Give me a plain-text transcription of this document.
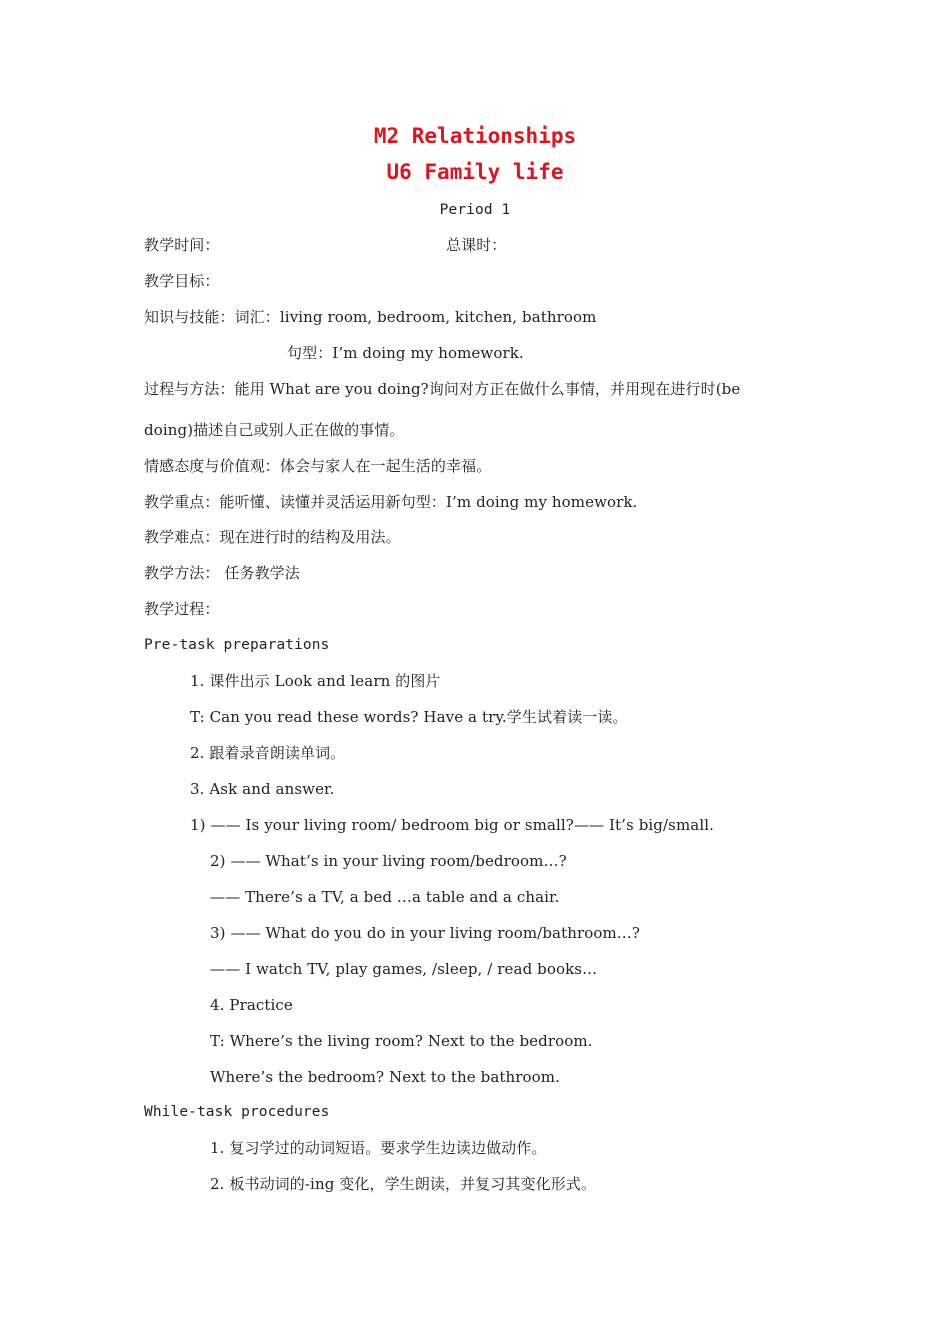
M2 Relationships
U6 Family life
Period 1
教学时间：	总课时：
教学目标：
知识与技能：词汇：living room, bedroom, kitchen, bathroom
句型：I’m doing my homework.
过程与方法：能用 What are you doing?询问对方正在做什么事情，并用现在进行时(be
doing)描述自己或别人正在做的事情。
情感态度与价值观：体会与家人在一起生活的幸福。
教学重点：能听懂、读懂并灵活运用新句型：I’m doing my homework.
教学难点：现在进行时的结构及用法。
教学方法： 任务教学法
教学过程：
Pre-task preparations
1. 课件出示 Look and learn 的图片
T: Can you read these words? Have a try.学生试着读一读。
2. 跟着录音朗读单词。
3. Ask and answer.
1) —— Is your living room/ bedroom big or small?—— It’s big/small.
2) —— What’s in your living room/bedroom…?
—— There’s a TV, a bed …a table and a chair.
3) —— What do you do in your living room/bathroom…?
—— I watch TV, play games, /sleep, / read books…
4. Practice
T: Where’s the living room? Next to the bedroom.
Where’s the bedroom? Next to the bathroom.
While-task procedures
1. 复习学过的动词短语。要求学生边读边做动作。
2. 板书动词的-ing 变化，学生朗读，并复习其变化形式。
